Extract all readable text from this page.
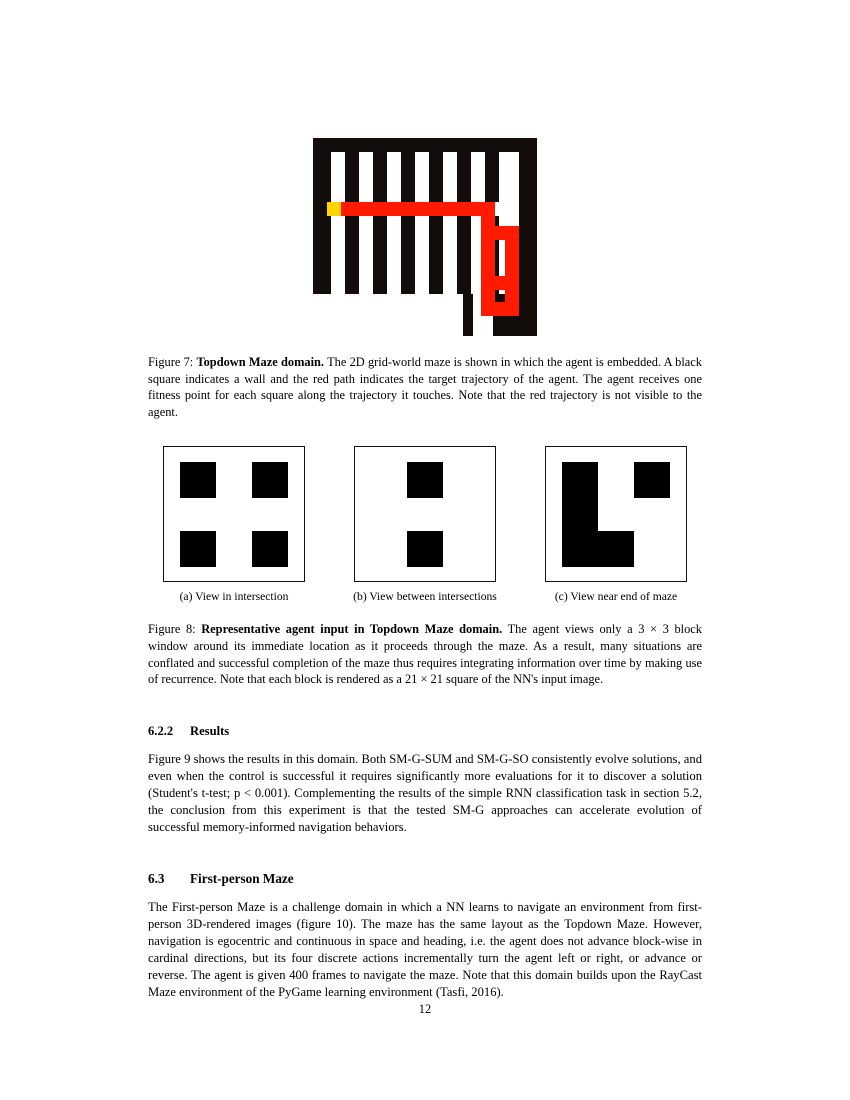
Figure 7: Topdown Maze domain. The 2D grid-world maze is shown in which the agent is embedded. A black square indicates a wall and the red path indicates the target trajectory of the agent. The agent receives one fitness point for each square along the trajectory it touches. Note that the red trajectory is not visible to the agent.
(a) View in intersection	(b) View between intersections	(c) View near end of maze
Figure 8: Representative agent input in Topdown Maze domain. The agent views only a 3 × 3 block window around its immediate location as it proceeds through the maze. As a result, many situations are conflated and successful completion of the maze thus requires integrating information over time by making use of recurrence. Note that each block is rendered as a 21 × 21 square of the NN's input image.
6.2.2 Results
Figure 9 shows the results in this domain. Both SM-G-SUM and SM-G-SO consistently evolve solutions, and even when the control is successful it requires significantly more evaluations for it to discover a solution (Student's t-test; p < 0.001). Complementing the results of the simple RNN classification task in section 5.2, the conclusion from this experiment is that the tested SM-G approaches can accelerate evolution of successful memory-informed navigation behaviors.
6.3 First-person Maze
The First-person Maze is a challenge domain in which a NN learns to navigate an environment from first-person 3D-rendered images (figure 10). The maze has the same layout as the Topdown Maze. However, navigation is egocentric and continuous in space and heading, i.e. the agent does not advance block-wise in cardinal directions, but its four discrete actions incrementally turn the agent left or right, or advance or reverse. The agent is given 400 frames to navigate the maze. Note that this domain builds upon the RayCast Maze environment of the PyGame learning environment (Tasfi, 2016).
12
